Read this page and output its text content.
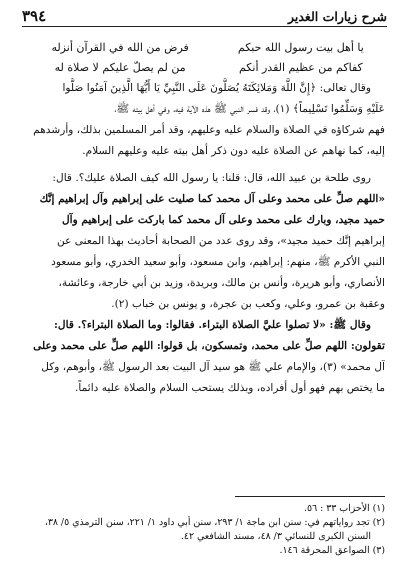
شرح زيارات الغدير
٣٩٤
يا أهل بيت رسول الله حبكم
فرض من الله في القرآن أنزله
كفاكم من عظيم القدر أنكم
من لم يصلّ عليكم لا صلاة له
وقال تعالى: ﴿إِنَّ اللَّهَ وَمَلائِكَتَهُ يُصَلُّونَ عَلَى النَّبِيِّ يَا أَيُّهَا الَّذِينَ آمَنُوا صَلُّوا
عَلَيْهِ وَسَلِّمُوا تَسْلِيماً﴾ (١)، وقد فسر النبي ﷺ هذه الآية فيه، وفي أهل بيته ﷺ،
فهم شركاؤه في الصلاة والسلام عليه وعليهم، وقد أمر المسلمين بذلك، وأرشدهم
إليه، كما نهاهم عن الصلاة عليه دون ذكر أهل بيته عليه وعليهم السلام.
روى طلحة بن عبيد الله، قال: قلنا: يا رسول الله كيف الصلاة عليك؟. قال:
«اللهم صلِّ على محمد وعلى آل محمد كما صليت على إبراهيم وآل إبراهيم إنَّك
حميد مجيد، وبارك على محمد وعلى آل محمد كما باركت على إبراهيم وآل
إبراهيم إنَّك حميد مجيد»، وقد روى عدد من الصحابة أحاديث بهذا المعنى عن
النبي الأكرم ﷺ، منهم: إبراهيم، وابن مسعود، وأبو سعيد الخدري، وأبو مسعود
الأنصاري، وأبو هريرة، وأنس بن مالك، وبريدة، وزيد بن أبي خارجة، وعائشة،
وعقبة بن عمرو، وعلي، وكعب بن عجرة، و يونس بن خباب (٢).
وقال ﷺ: «لا تصلوا عليَّ الصلاة البتراء. فقالوا: وما الصلاة البتراء؟. قال:
تقولون: اللهم صلِّ على محمد، وتمسكون، بل قولوا: اللهم صلِّ على محمد وعلى
آل محمد» (٣)، والإمام علي ﷺ هو سيد آل البيت بعد الرسول ﷺ، وأبوهم، وكل
ما يختص بهم فهو أول أفراده، وبذلك يستحب السلام والصلاة عليه دائماً.
(١) الأحزاب ٣٣ : ٥٦.
(٢) تجد رواياتهم في: سنن ابن ماجة ١/ ٢٩٣، سنن أبي داود ١/ ٢٢١، سنن الترمذي ٥/ ٣٨،
السنن الكبرى للنسائي ٣/ ٤٨، مسند الشافعي ٤٢.
(٣) الصواعق المحرقة ١٤٦.
